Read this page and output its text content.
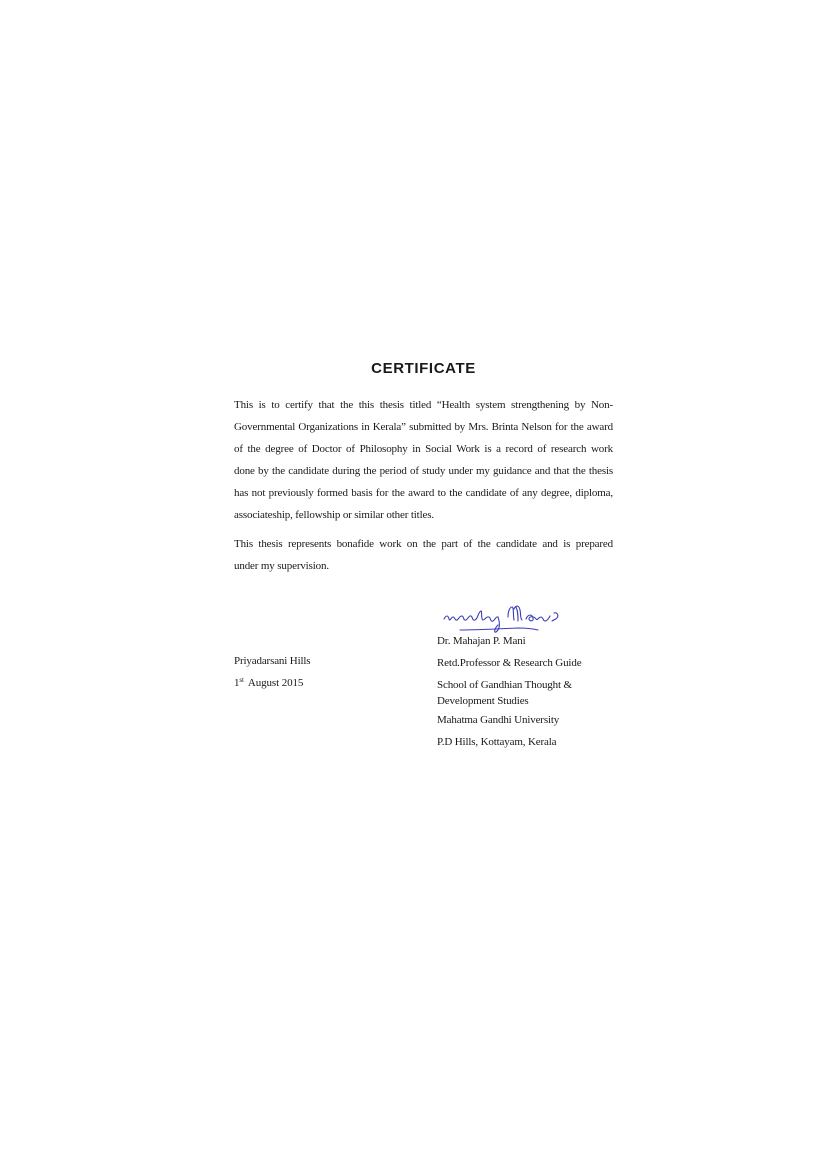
CERTIFICATE

This is to certify that the this thesis titled “Health system strengthening by Non-
Governmental Organizations in Kerala” submitted by Mrs. Brinta Nelson for the award
of the degree of Doctor of Philosophy in Social Work is a record of research work
done by the candidate during the period of study under my guidance and that the thesis
has not previously formed basis for the award to the candidate of any degree, diploma,
associateship, fellowship or similar other titles.

This thesis represents bonafide work on the part of the candidate and is prepared
under my supervision.

Priyadarsani Hills

1st August 2015

Dr. Mahajan P. Mani

Retd.Professor & Research Guide

School of Gandhian Thought &

Development Studies

Mahatma Gandhi University

P.D Hills, Kottayam, Kerala
